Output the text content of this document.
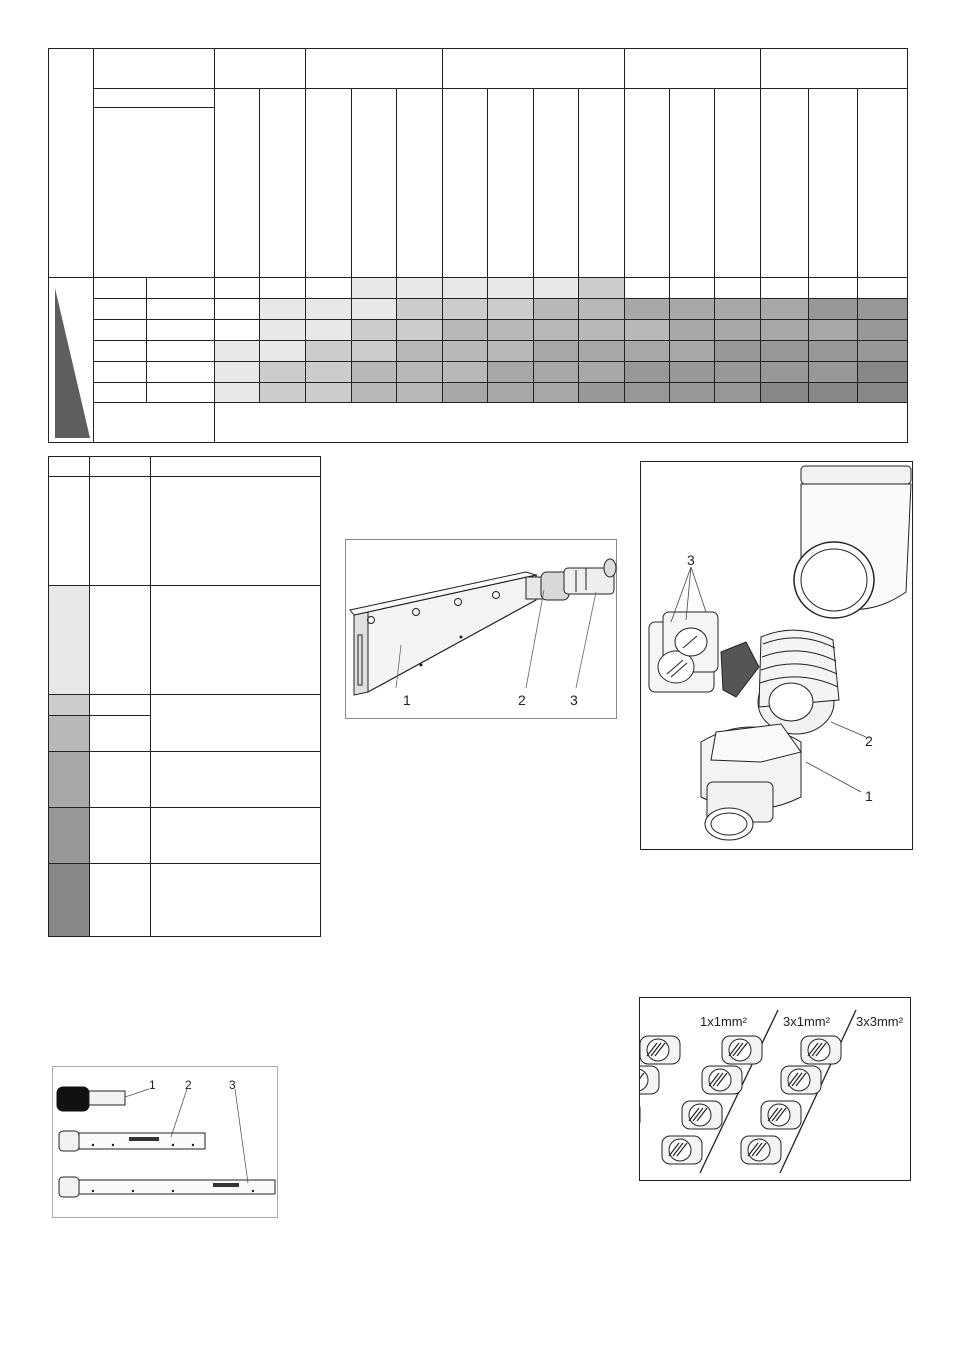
1	2	3
3
2
1
1 2	3
1x1mm²	3x1mm² 3x3mm²
